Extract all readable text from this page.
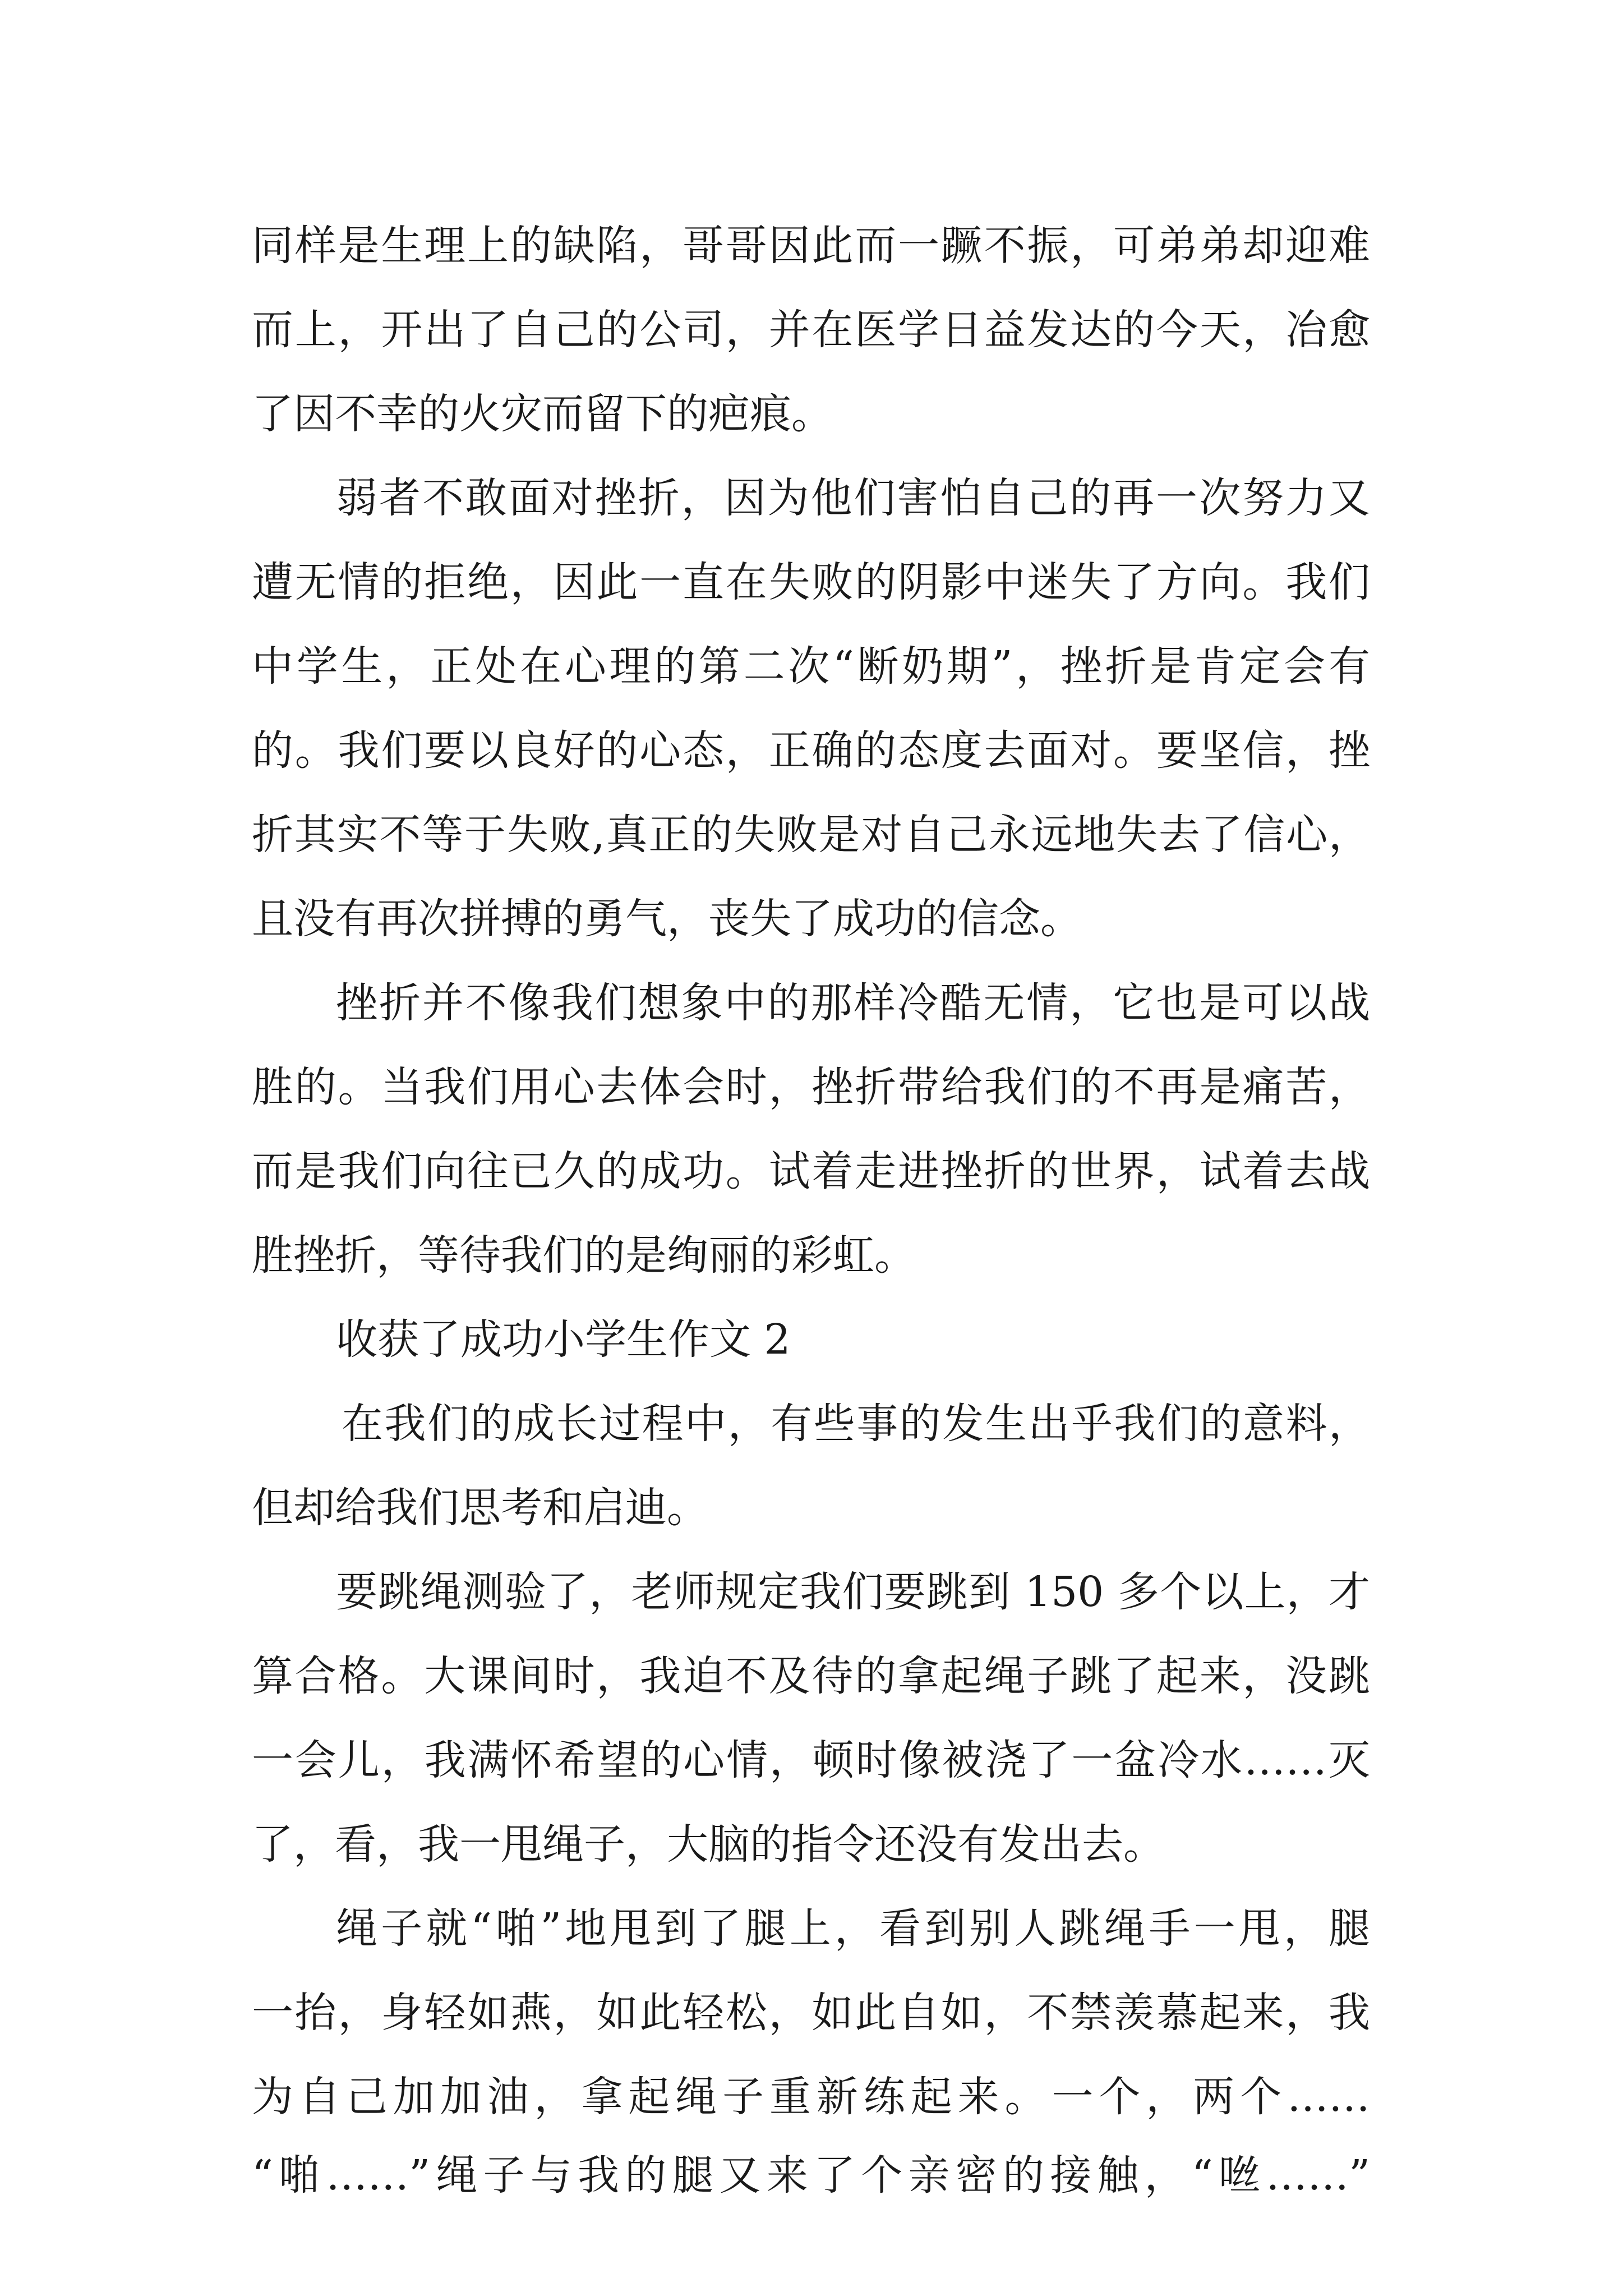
同样是生理上的缺陷，哥哥因此而一蹶不振，可弟弟却迎难
而上，开出了自己的公司，并在医学日益发达的今天，冶愈
了因不幸的火灾而留下的疤痕。
弱者不敢面对挫折，因为他们害怕自己的再一次努力又
遭无情的拒绝，因此一直在失败的阴影中迷失了方向。我们
中学生，正处在心理的第二次“断奶期”，挫折是肯定会有
的。我们要以良好的心态，正确的态度去面对。要坚信，挫
折其实不等于失败,真正的失败是对自己永远地失去了信心，
且没有再次拼搏的勇气，丧失了成功的信念。
挫折并不像我们想象中的那样冷酷无情，它也是可以战
胜的。当我们用心去体会时，挫折带给我们的不再是痛苦，
而是我们向往已久的成功。试着走进挫折的世界，试着去战
胜挫折，等待我们的是绚丽的彩虹。
收获了成功小学生作文 2
在我们的成长过程中，有些事的发生出乎我们的意料，
但却给我们思考和启迪。
要跳绳测验了，老师规定我们要跳到 150 多个以上，才
算合格。大课间时，我迫不及待的拿起绳子跳了起来，没跳
一会儿，我满怀希望的心情，顿时像被浇了一盆冷水……灭
了，看，我一甩绳子，大脑的指令还没有发出去。
绳子就“啪”地甩到了腿上，看到别人跳绳手一甩，腿
一抬，身轻如燕，如此轻松，如此自如，不禁羡慕起来，我
为自己加加油，拿起绳子重新练起来。一个，两个……
“啪……”绳子与我的腿又来了个亲密的接触，“咝……”
